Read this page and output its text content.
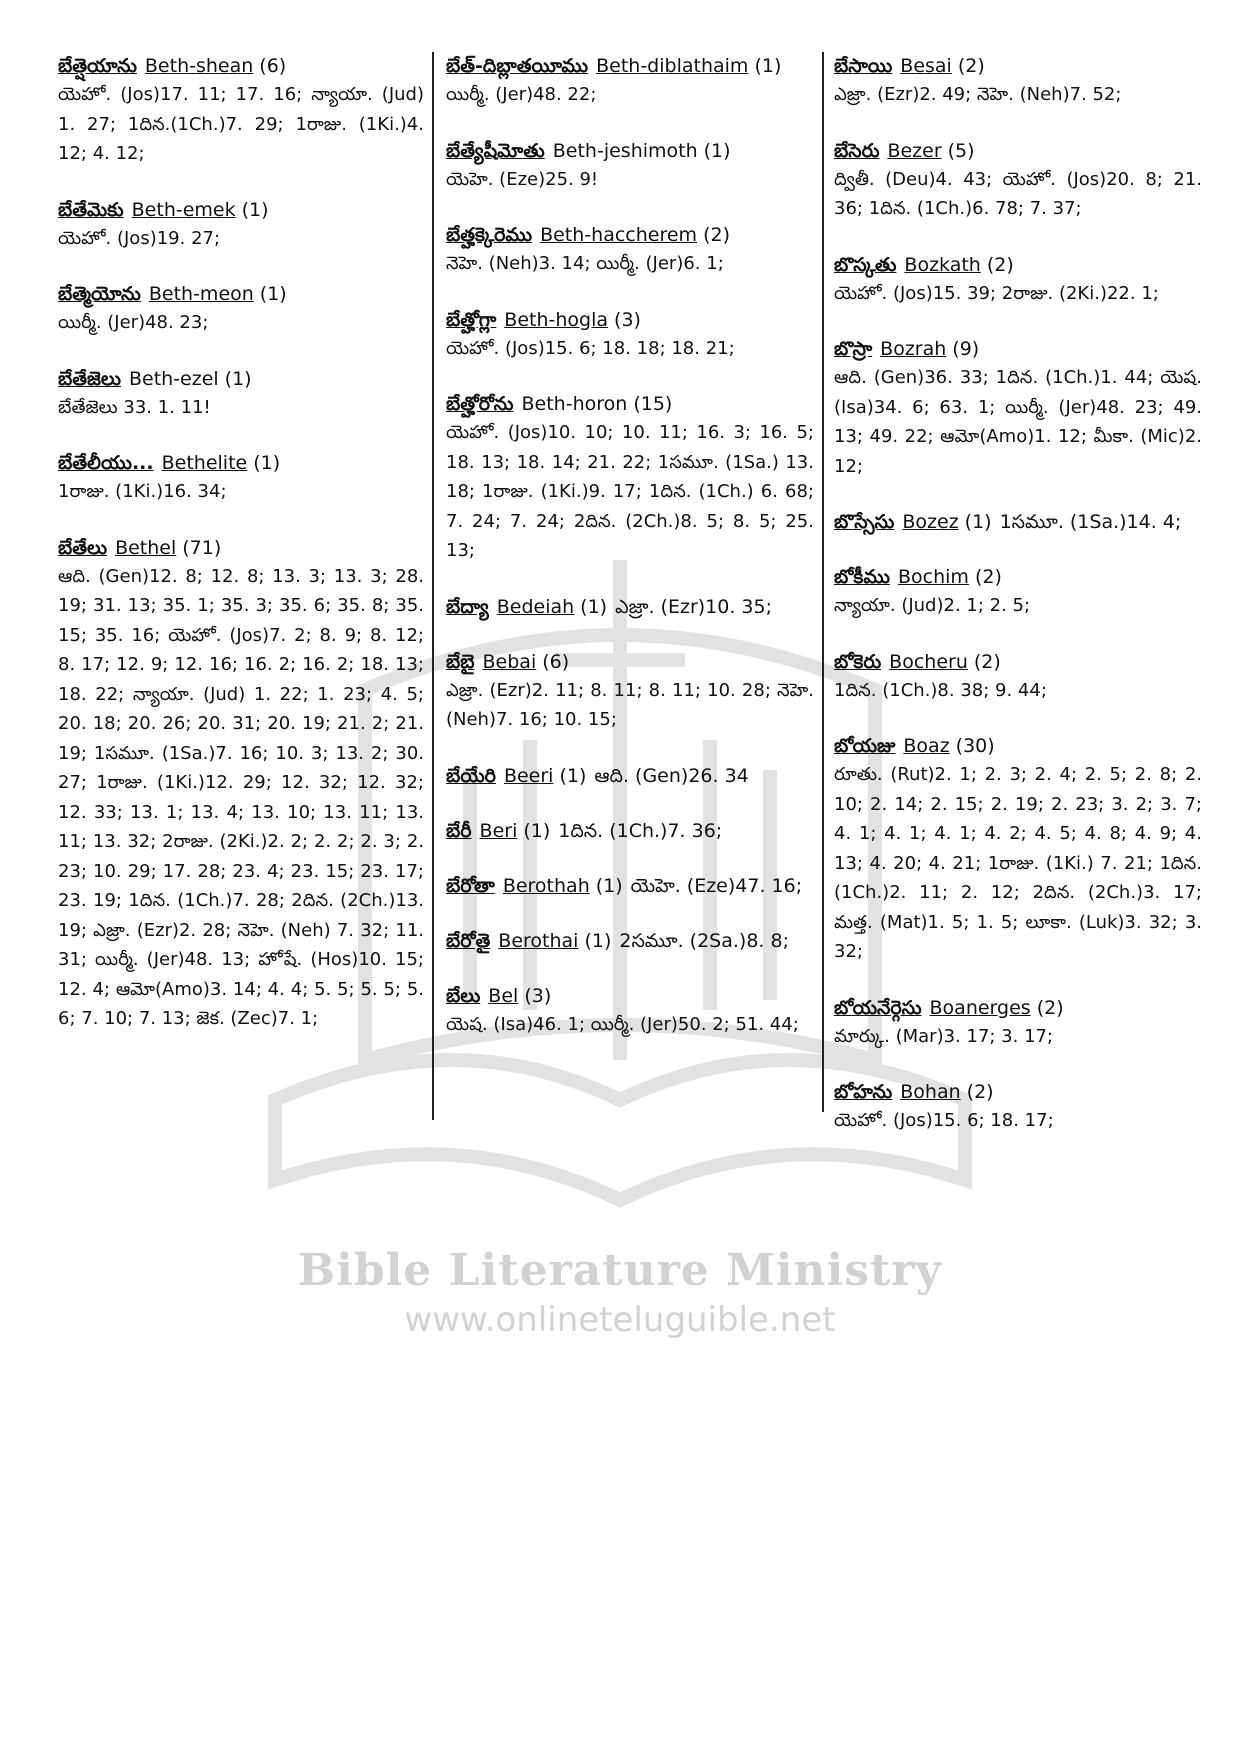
బేత్షెయాను Beth-shean (6)
యెహో. (Jos)17. 11; 17. 16; న్యాయా. (Jud) 1. 27; 1దిన.(1Ch.)7. 29; 1రాజు. (1Ki.)4. 12; 4. 12;
బేతేమెకు Beth-emek (1)
యెహో. (Jos)19. 27;
బేత్మెయోను Beth-meon (1)
యిర్మీ. (Jer)48. 23;
బేతేజెలు Beth-ezel (1)
బేతేజెలు 33. 1. 11!
బేతేలీయు... Bethelite (1)
1రాజు. (1Ki.)16. 34;
బేతేలు Bethel (71)
ఆది. (Gen)12. 8; 12. 8; 13. 3; 13. 3; 28. 19; 31. 13; 35. 1; 35. 3; 35. 6; 35. 8; 35. 15; 35. 16; యెహో. (Jos)7. 2; 8. 9; 8. 12; 8. 17; 12. 9; 12. 16; 16. 2; 16. 2; 18. 13; 18. 22; న్యాయా. (Jud) 1. 22; 1. 23; 4. 5; 20. 18; 20. 26; 20. 31; 20. 19; 21. 2; 21. 19; 1సమూ. (1Sa.)7. 16; 10. 3; 13. 2; 30. 27; 1రాజు. (1Ki.)12. 29; 12. 32; 12. 32; 12. 33; 13. 1; 13. 4; 13. 10; 13. 11; 13. 11; 13. 32; 2రాజు. (2Ki.)2. 2; 2. 2; 2. 3; 2. 23; 10. 29; 17. 28; 23. 4; 23. 15; 23. 17; 23. 19; 1దిన. (1Ch.)7. 28; 2దిన. (2Ch.)13. 19; ఎజ్రా. (Ezr)2. 28; నెహె. (Neh) 7. 32; 11. 31; యిర్మీ. (Jer)48. 13; హోషే. (Hos)10. 15; 12. 4; ఆమో(Amo)3. 14; 4. 4; 5. 5; 5. 5; 5. 6; 7. 10; 7. 13; జెక. (Zec)7. 1;
బేత్-దిబ్లాతయీము Beth-diblathaim (1)
యిర్మీ. (Jer)48. 22;
బేత్యేషీమోతు Beth-jeshimoth (1)
యెహె. (Eze)25. 9!
బేత్హక్కెరెము Beth-haccherem (2)
నెహె. (Neh)3. 14; యిర్మీ. (Jer)6. 1;
బేత్హోగ్లా Beth-hogla (3)
యెహో. (Jos)15. 6; 18. 18; 18. 21;
బేత్హోరోను Beth-horon (15)
యెహో. (Jos)10. 10; 10. 11; 16. 3; 16. 5; 18. 13; 18. 14; 21. 22; 1సమూ. (1Sa.) 13. 18; 1రాజు. (1Ki.)9. 17; 1దిన. (1Ch.) 6. 68; 7. 24; 7. 24; 2దిన. (2Ch.)8. 5; 8. 5; 25. 13;
బేద్యా Bedeiah (1) ఎజ్రా. (Ezr)10. 35;
బేబై Bebai (6)
ఎజ్రా. (Ezr)2. 11; 8. 11; 8. 11; 10. 28; నెహె. (Neh)7. 16; 10. 15;
బేయేరి Beeri (1) ఆది. (Gen)26. 34
బేరీ Beri (1) 1దిన. (1Ch.)7. 36;
బేరోతా Berothah (1) యెహె. (Eze)47. 16;
బేరోతై Berothai (1) 2సమూ. (2Sa.)8. 8;
బేలు Bel (3)
యెష. (Isa)46. 1; యిర్మీ. (Jer)50. 2; 51. 44;
బేసాయి Besai (2)
ఎజ్రా. (Ezr)2. 49; నెహె. (Neh)7. 52;
బేసెరు Bezer (5)
ద్వితీ. (Deu)4. 43; యెహో. (Jos)20. 8; 21. 36; 1దిన. (1Ch.)6. 78; 7. 37;
బొస్కతు Bozkath (2)
యెహో. (Jos)15. 39; 2రాజు. (2Ki.)22. 1;
బొస్రా Bozrah (9)
ఆది. (Gen)36. 33; 1దిన. (1Ch.)1. 44; యెష. (Isa)34. 6; 63. 1; యిర్మీ. (Jer)48. 23; 49. 13; 49. 22; ఆమో(Amo)1. 12; మీకా. (Mic)2. 12;
బొస్సేసు Bozez (1) 1సమూ. (1Sa.)14. 4;
బోకీము Bochim (2)
న్యాయా. (Jud)2. 1; 2. 5;
బోకెరు Bocheru (2)
1దిన. (1Ch.)8. 38; 9. 44;
బోయజు Boaz (30)
రూతు. (Rut)2. 1; 2. 3; 2. 4; 2. 5; 2. 8; 2. 10; 2. 14; 2. 15; 2. 19; 2. 23; 3. 2; 3. 7; 4. 1; 4. 1; 4. 1; 4. 2; 4. 5; 4. 8; 4. 9; 4. 13; 4. 20; 4. 21; 1రాజు. (1Ki.) 7. 21; 1దిన. (1Ch.)2. 11; 2. 12; 2దిన. (2Ch.)3. 17; మత్త. (Mat)1. 5; 1. 5; లూకా. (Luk)3. 32; 3. 32;
బోయనేర్గెసు Boanerges (2)
మార్కు. (Mar)3. 17; 3. 17;
బోహను Bohan (2)
యెహో. (Jos)15. 6; 18. 17;
Bible Literature Ministry
www.onlineteluguible.net
